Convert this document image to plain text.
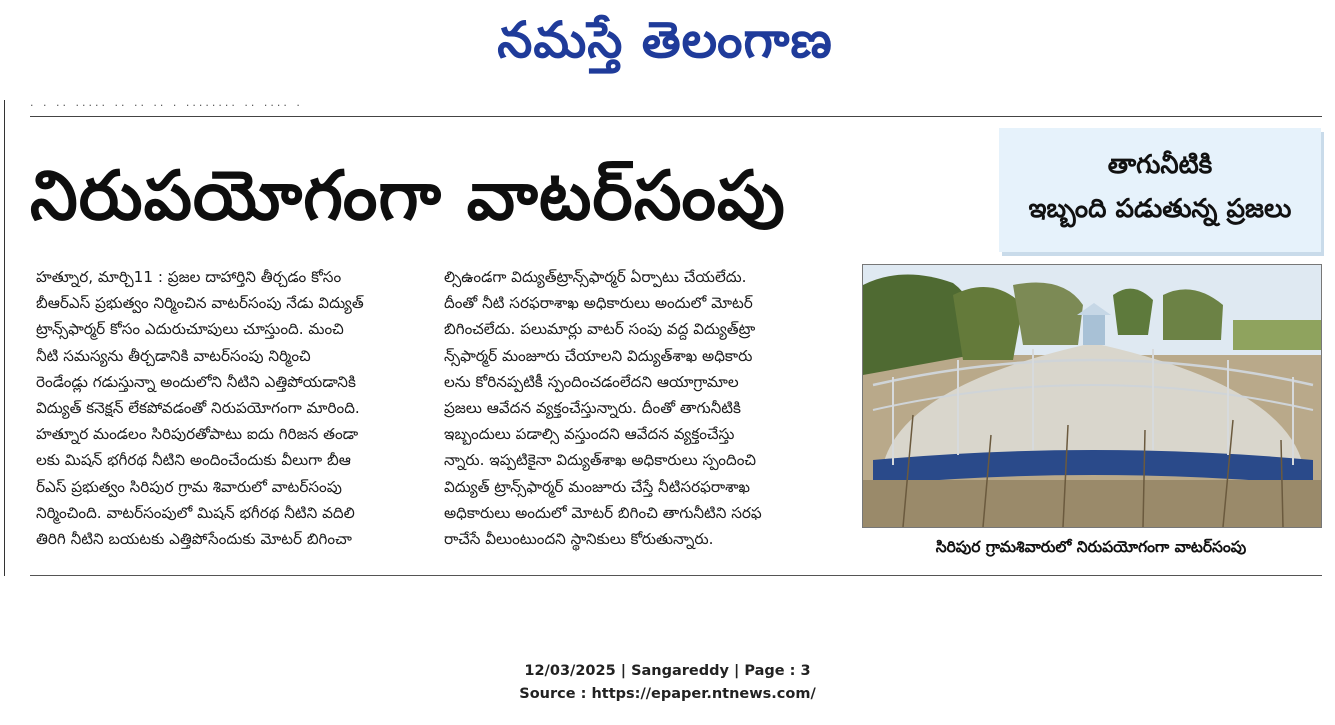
నమస్తే తెలంగాణ
· · ·· ····· ·· ·· ·· · ········ ·· ···· ·
నిరుపయోగంగా వాటర్‌సంపు	తాగునీటికి
ఇబ్బంది పడుతున్న ప్రజలు
హత్నూర, మార్చి11 : ప్రజల దాహార్తిని తీర్చడం కోసం
బీఆర్‌ఎస్ ప్రభుత్వం నిర్మించిన వాటర్‌సంపు నేడు విద్యుత్
ట్రాన్స్‌ఫార్మర్ కోసం ఎదురుచూపులు చూస్తుంది. మంచి
నీటి సమస్యను తీర్చడానికి వాటర్‌సంపు నిర్మించి
రెండేండ్లు గడుస్తున్నా అందులోని నీటిని ఎత్తిపోయడానికి
విద్యుత్ కనెక్షన్ లేకపోవడంతో నిరుపయోగంగా మారింది.
హత్నూర మండలం సిరిపురతోపాటు ఐదు గిరిజన తండా
లకు మిషన్ భగీరథ నీటిని అందించేందుకు వీలుగా బీఆ
ర్‌ఎస్ ప్రభుత్వం సిరిపుర గ్రామ శివారులో వాటర్‌సంపు
నిర్మించింది. వాటర్‌సంపులో మిషన్ భగీరథ నీటిని వదిలి
తిరిగి నీటిని బయటకు ఎత్తిపోసేందుకు మోటర్ బిగించా
ల్సిఉండగా విద్యుత్‌ట్రాన్స్‌ఫార్మర్ ఏర్పాటు చేయలేదు.
దీంతో నీటి సరఫరాశాఖ అధికారులు అందులో మోటర్
బిగించలేదు. పలుమార్లు వాటర్ సంపు వద్ద విద్యుత్‌ట్రా
న్స్‌ఫార్మర్ మంజూరు చేయాలని విద్యుత్‌శాఖ అధికారు
లను కోరినప్పటికీ స్పందించడంలేదని ఆయాగ్రామాల
ప్రజలు ఆవేదన వ్యక్తంచేస్తున్నారు. దీంతో తాగునీటికి
ఇబ్బందులు పడాల్సి వస్తుందని ఆవేదన వ్యక్తంచేస్తు
న్నారు. ఇప్పటికైనా విద్యుత్‌శాఖ అధికారులు స్పందించి
విద్యుత్ ట్రాన్స్‌ఫార్మర్ మంజూరు చేస్తే నీటిసరఫరాశాఖ
అధికారులు అందులో మోటర్ బిగించి తాగునీటిని సరఫ
రాచేసే వీలుంటుందని స్థానికులు కోరుతున్నారు.	సిరిపుర గ్రామశివారులో నిరుపయోగంగా వాటర్‌సంపు
12/03/2025 | Sangareddy | Page : 3
Source : https://epaper.ntnews.com/
